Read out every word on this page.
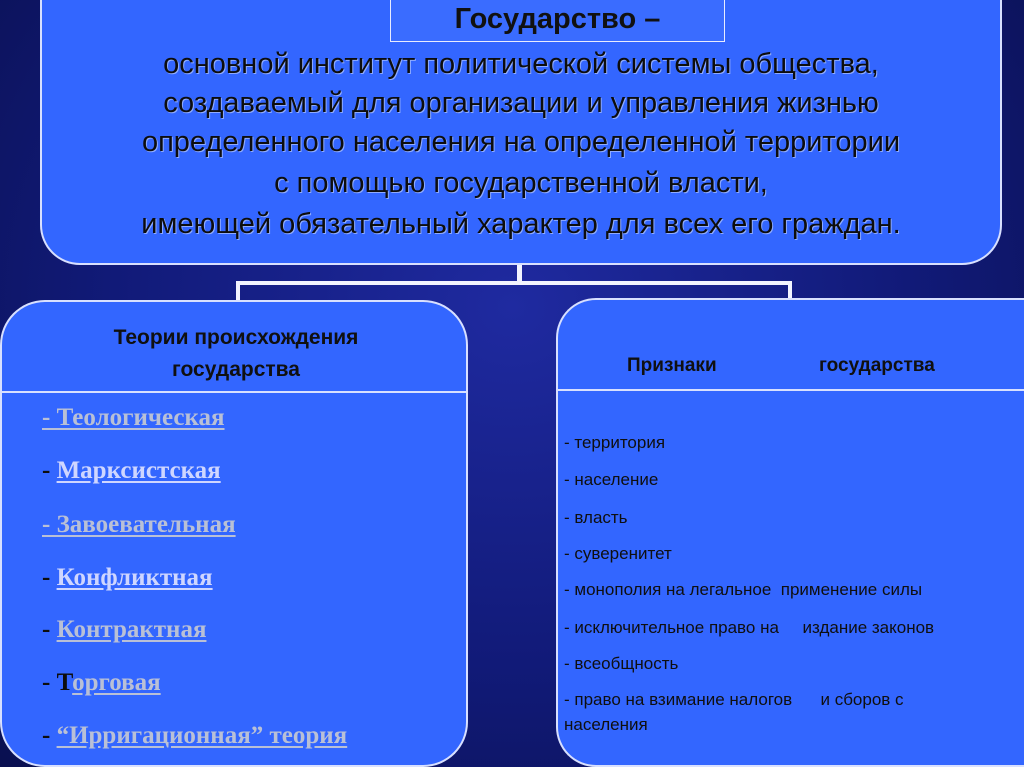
Государство –
основной институт политической системы общества,
создаваемый для организации и управления жизнью
определенного населения на определенной территории
с помощью государственной власти,
имеющей обязательный характер для всех его граждан.
Теории происхождения
государства
- Теологическая
- Марксистская
- Завоевательная
- Конфликтная
- Контрактная
- Торговая
- “Ирригационная” теория
Признаки	государства
- территория
- население
- власть
- суверенитет
- монополия на легальное  применение силы
- исключительное право на     издание законов
- всеобщность
- право на взимание налогов      и сборов с
населения
